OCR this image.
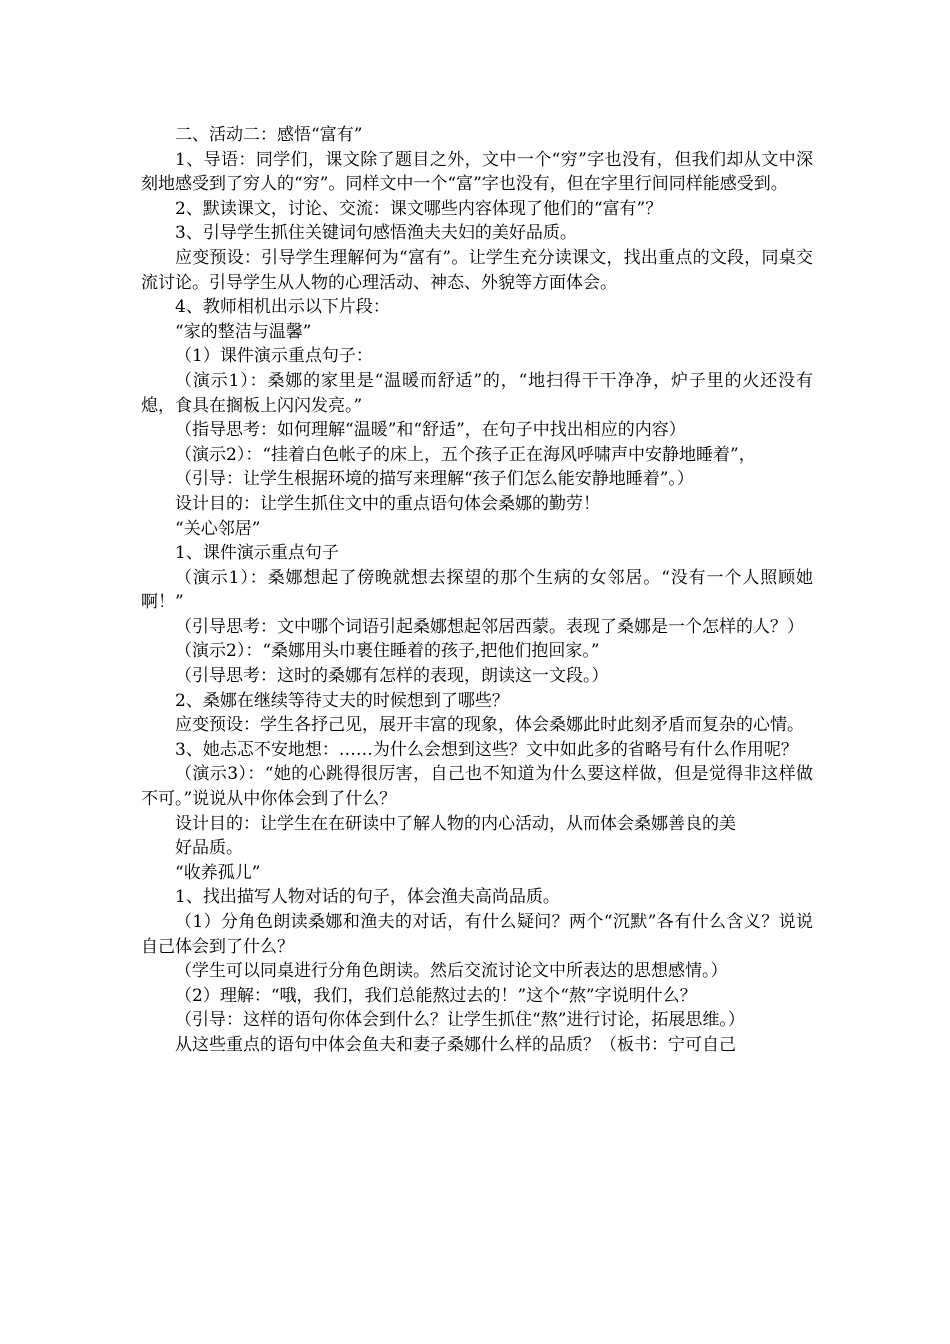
二、活动二：感悟“富有”

1、导语：同学们，课文除了题目之外，文中一个“穷”字也没有，但我们却从文中深刻地感受到了穷人的“穷”。同样文中一个“富”字也没有，但在字里行间同样能感受到。

2、默读课文，讨论、交流：课文哪些内容体现了他们的“富有”？

3、引导学生抓住关键词句感悟渔夫夫妇的美好品质。

应变预设：引导学生理解何为“富有”。让学生充分读课文，找出重点的文段，同桌交流讨论。引导学生从人物的心理活动、神态、外貌等方面体会。

4、教师相机出示以下片段：

“家的整洁与温馨”

（1）课件演示重点句子：

（演示1）：桑娜的家里是“温暖而舒适”的，“地扫得干干净净，炉子里的火还没有熄，食具在搁板上闪闪发亮。”

（指导思考：如何理解“温暖”和“舒适”，在句子中找出相应的内容）

（演示2）：“挂着白色帐子的床上，五个孩子正在海风呼啸声中安静地睡着”，

（引导：让学生根据环境的描写来理解“孩子们怎么能安静地睡着”。）

设计目的：让学生抓住文中的重点语句体会桑娜的勤劳！

“关心邻居”

1、课件演示重点句子

（演示1）：桑娜想起了傍晚就想去探望的那个生病的女邻居。“没有一个人照顾她啊！”

（引导思考：文中哪个词语引起桑娜想起邻居西蒙。表现了桑娜是一个怎样的人？）

（演示2）：“桑娜用头巾裹住睡着的孩子,把他们抱回家。”

（引导思考：这时的桑娜有怎样的表现，朗读这一文段。）

2、桑娜在继续等待丈夫的时候想到了哪些？

应变预设：学生各抒己见，展开丰富的现象，体会桑娜此时此刻矛盾而复杂的心情。

3、她忐忑不安地想：……为什么会想到这些？文中如此多的省略号有什么作用呢？

（演示3）：“她的心跳得很厉害，自己也不知道为什么要这样做，但是觉得非这样做不可。”说说从中你体会到了什么？

设计目的：让学生在在研读中了解人物的内心活动，从而体会桑娜善良的美

好品质。

“收养孤儿”

1、找出描写人物对话的句子，体会渔夫高尚品质。

（1）分角色朗读桑娜和渔夫的对话，有什么疑问？两个“沉默”各有什么含义？说说自己体会到了什么？

（学生可以同桌进行分角色朗读。然后交流讨论文中所表达的思想感情。）

（2）理解：“哦，我们，我们总能熬过去的！”这个“熬”字说明什么？

（引导：这样的语句你体会到什么？让学生抓住“熬”进行讨论，拓展思维。）

从这些重点的语句中体会鱼夫和妻子桑娜什么样的品质？（板书：宁可自己
